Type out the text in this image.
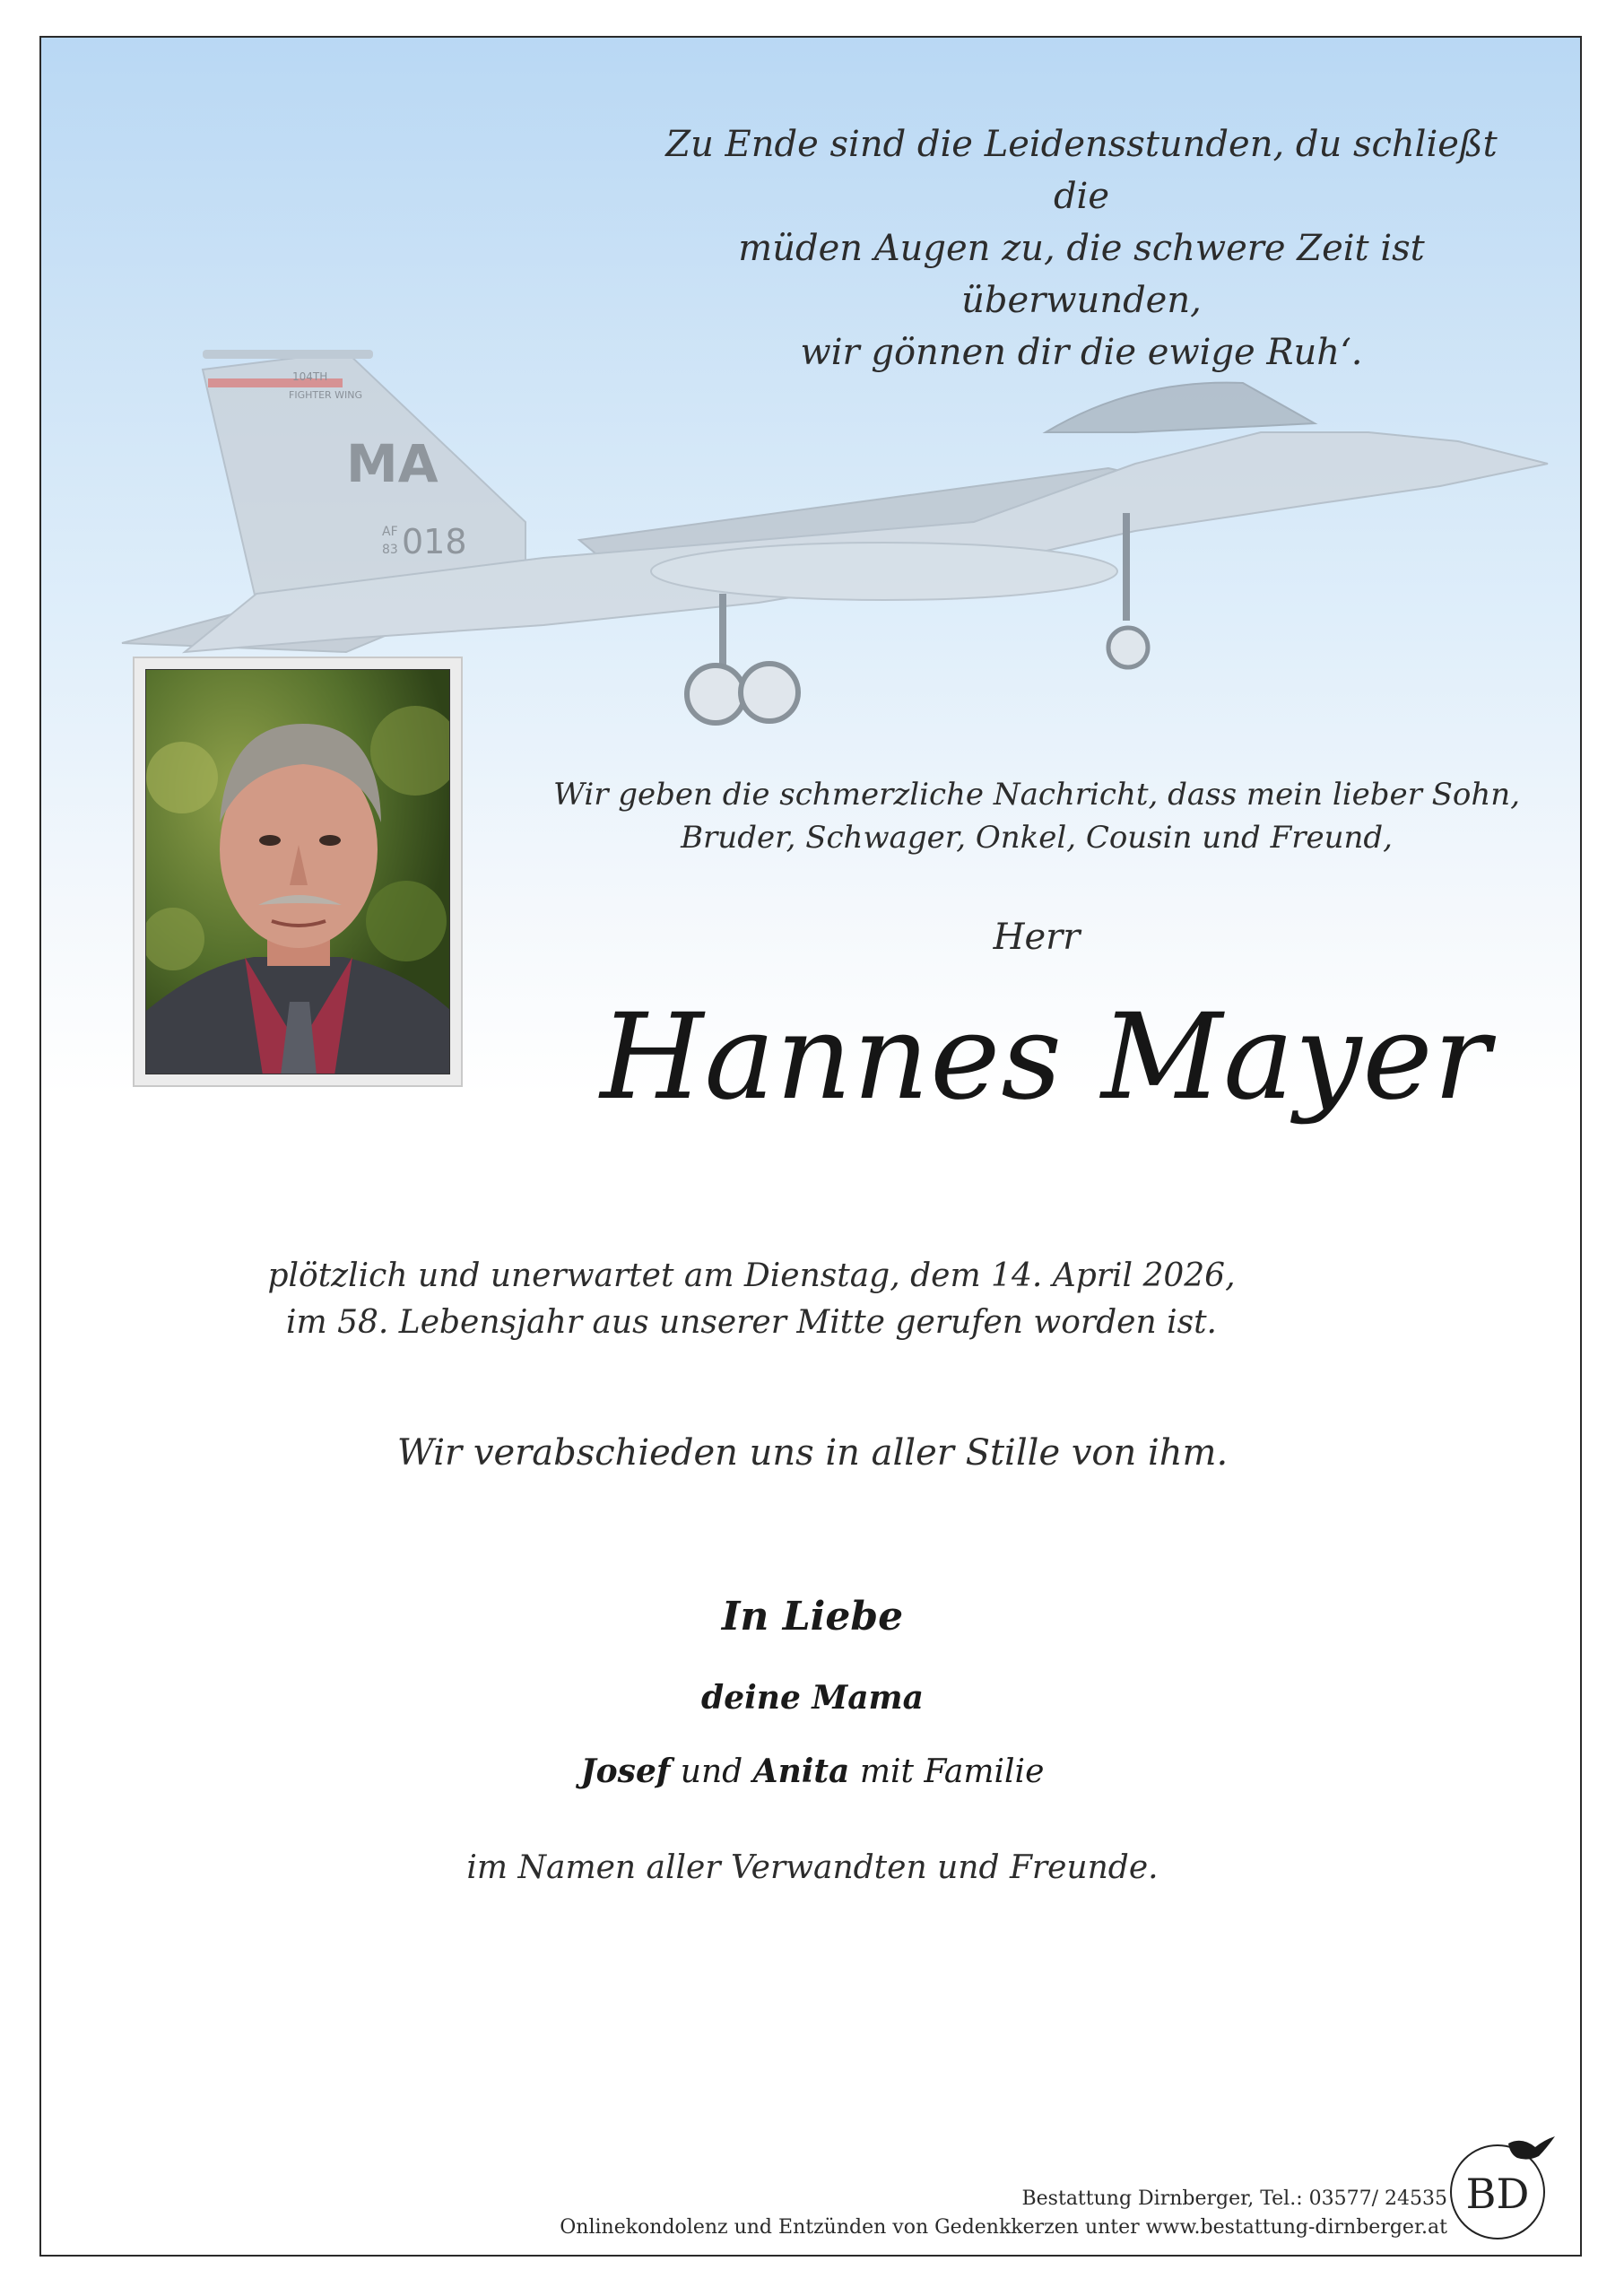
104TH
FIGHTER WING
MA
AF
83 018
Zu Ende sind die Leidensstunden, du schließt die
müden Augen zu, die schwere Zeit ist überwunden,
wir gönnen dir die ewige Ruh‘.
Wir geben die schmerzliche Nachricht, dass mein lieber Sohn,
Bruder, Schwager, Onkel, Cousin und Freund,
Herr
Hannes Mayer
plötzlich und unerwartet am Dienstag, dem 14. April 2026,
im 58. Lebensjahr aus unserer Mitte gerufen worden ist.
Wir verabschieden uns in aller Stille von ihm.
In Liebe
deine Mama
Josef und Anita mit Familie
im Namen aller Verwandten und Freunde.
Bestattung Dirnberger, Tel.: 03577/ 24535
Onlinekondolenz und Entzünden von Gedenkkerzen unter www.bestattung-dirnberger.at
BD
